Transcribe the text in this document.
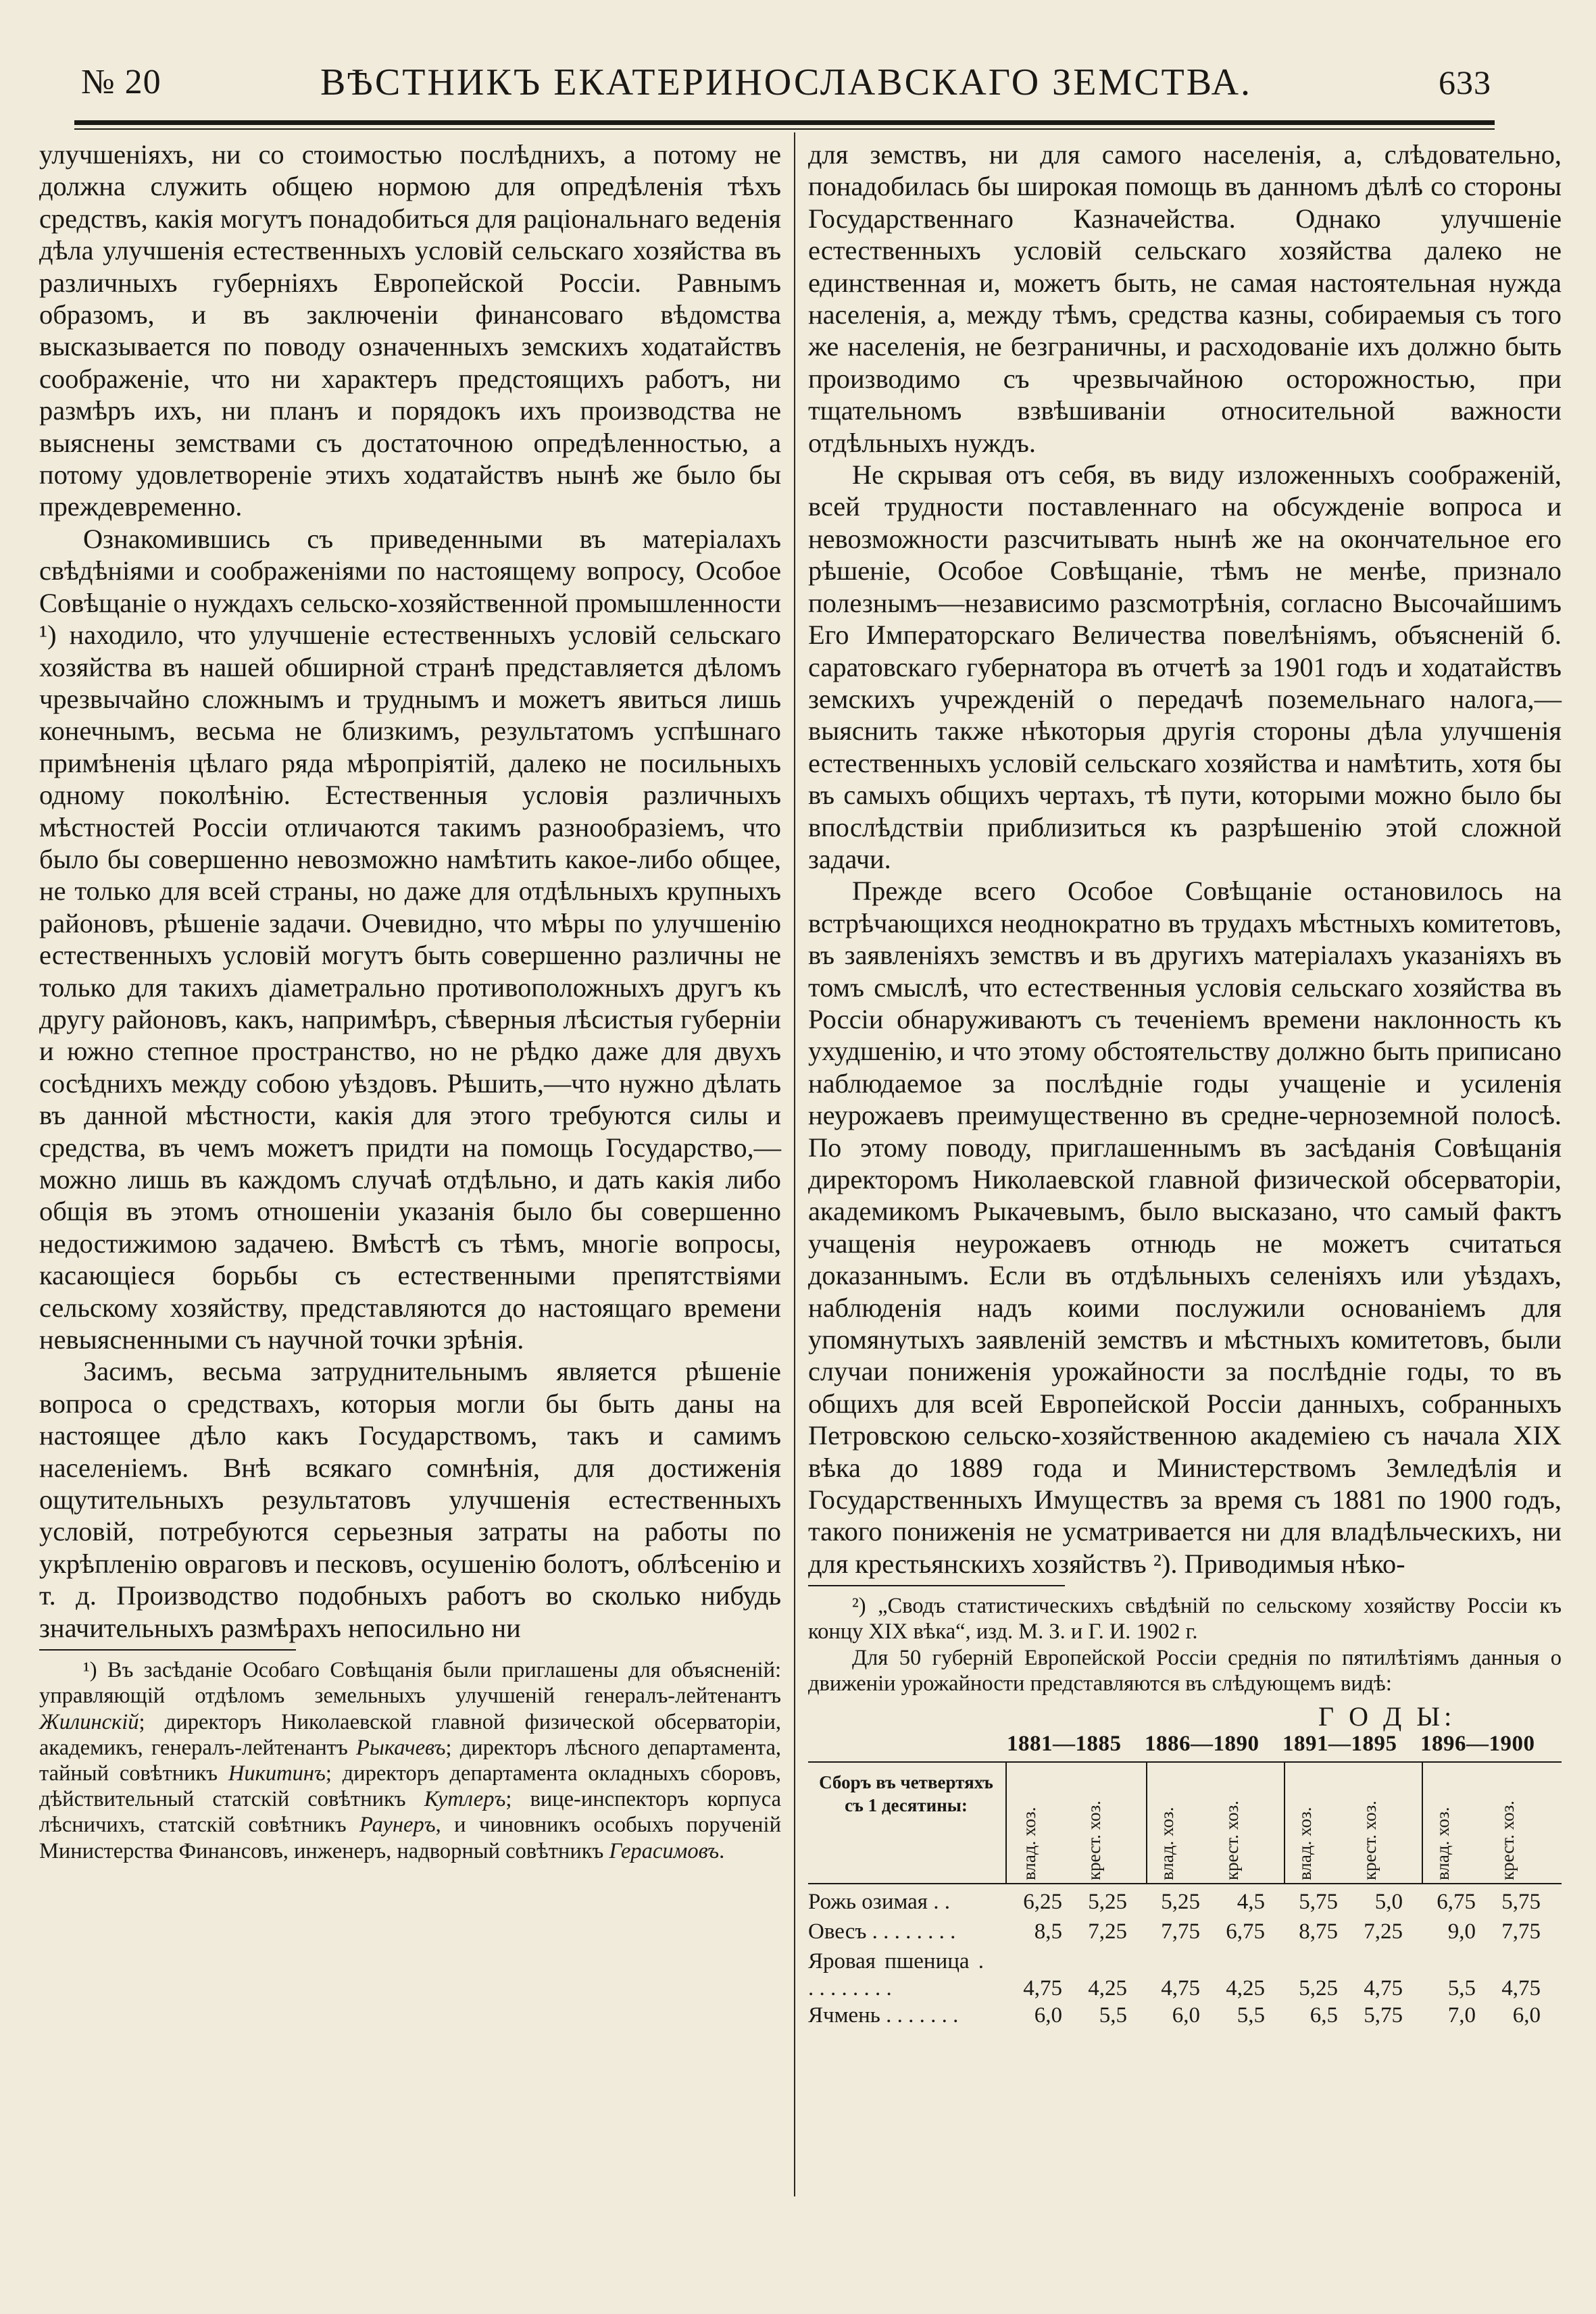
№ 20	ВѢСТНИКЪ ЕКАТЕРИНОСЛАВСКАГО ЗЕМСТВА.	633

улучшеніяхъ, ни со стоимостью послѣднихъ, а потому не должна служить общею нормою для опредѣленія тѣхъ средствъ, какія могутъ понадобиться для раціональнаго веденія дѣла улучшенія естественныхъ условій сельскаго хозяйства въ различныхъ губерніяхъ Европейской Россіи. Равнымъ образомъ, и въ заключеніи финансоваго вѣдомства высказывается по поводу означенныхъ земскихъ ходатайствъ соображеніе, что ни характеръ предстоящихъ работъ, ни размѣръ ихъ, ни планъ и порядокъ ихъ производства не выяснены земствами съ достаточною опредѣленностью, а потому удовлетвореніе этихъ ходатайствъ нынѣ же было бы преждевременно.

Ознакомившись съ приведенными въ матеріалахъ свѣдѣніями и соображеніями по настоящему вопросу, Особое Совѣщаніе о нуждахъ сельско-хозяйственной промышленности ¹) находило, что улучшеніе естественныхъ условій сельскаго хозяйства въ нашей обширной странѣ представляется дѣломъ чрезвычайно сложнымъ и труднымъ и можетъ явиться лишь конечнымъ, весьма не близкимъ, результатомъ успѣшнаго примѣненія цѣлаго ряда мѣропріятій, далеко не посильныхъ одному поколѣнію. Естественныя условія различныхъ мѣстностей Россіи отличаются такимъ разнообразіемъ, что было бы совершенно невозможно намѣтить какое-либо общее, не только для всей страны, но даже для отдѣльныхъ крупныхъ районовъ, рѣшеніе задачи. Очевидно, что мѣры по улучшенію естественныхъ условій могутъ быть совершенно различны не только для такихъ діаметрально противоположныхъ другъ къ другу районовъ, какъ, напримѣръ, сѣверныя лѣсистыя губерніи и южно степное пространство, но не рѣдко даже для двухъ сосѣднихъ между собою уѣздовъ. Рѣшить,—что нужно дѣлать въ данной мѣстности, какія для этого требуются силы и средства, въ чемъ можетъ придти на помощь Государство,—можно лишь въ каждомъ случаѣ отдѣльно, и дать какія либо общія въ этомъ отношеніи указанія было бы совершенно недостижимою задачею. Вмѣстѣ съ тѣмъ, многіе вопросы, касающіеся борьбы съ естественными препятствіями сельскому хозяйству, представляются до настоящаго времени невыясненными съ научной точки зрѣнія.

Засимъ, весьма затруднительнымъ является рѣшеніе вопроса о средствахъ, которыя могли бы быть даны на настоящее дѣло какъ Государствомъ, такъ и самимъ населеніемъ. Внѣ всякаго сомнѣнія, для достиженія ощутительныхъ результатовъ улучшенія естественныхъ условій, потребуются серьезныя затраты на работы по укрѣпленію овраговъ и песковъ, осушенію болотъ, облѣсенію и т. д. Производство подобныхъ работъ во сколько нибудь значительныхъ размѣрахъ непосильно ни

¹) Въ засѣданіе Особаго Совѣщанія были приглашены для объясненій: управляющій отдѣломъ земельныхъ улучшеній генералъ-лейтенантъ Жилинскій; директоръ Николаевской главной физической обсерваторіи, академикъ, генералъ-лейтенантъ Рыкачевъ; директоръ лѣсного департамента, тайный совѣтникъ Никитинъ; директоръ департамента окладныхъ сборовъ, дѣйствительный статскій совѣтникъ Кутлеръ; вице-инспекторъ корпуса лѣсничихъ, статскій совѣтникъ Раунеръ, и чиновникъ особыхъ порученій Министерства Финансовъ, инженеръ, надворный совѣтникъ Герасимовъ.

для земствъ, ни для самого населенія, а, слѣдовательно, понадобилась бы широкая помощь въ данномъ дѣлѣ со стороны Государственнаго Казначейства. Однако улучшеніе естественныхъ условій сельскаго хозяйства далеко не единственная и, можетъ быть, не самая настоятельная нужда населенія, а, между тѣмъ, средства казны, собираемыя съ того же населенія, не безграничны, и расходованіе ихъ должно быть производимо съ чрезвычайною осторожностью, при тщательномъ взвѣшиваніи относительной важности отдѣльныхъ нуждъ.

Не скрывая отъ себя, въ виду изложенныхъ соображеній, всей трудности поставленнаго на обсужденіе вопроса и невозможности разсчитывать нынѣ же на окончательное его рѣшеніе, Особое Совѣщаніе, тѣмъ не менѣе, признало полезнымъ—независимо разсмотрѣнія, согласно Высочайшимъ Его Императорскаго Величества повелѣніямъ, объясненій б. саратовскаго губернатора въ отчетѣ за 1901 годъ и ходатайствъ земскихъ учрежденій о передачѣ поземельнаго налога,—выяснить также нѣкоторыя другія стороны дѣла улучшенія естественныхъ условій сельскаго хозяйства и намѣтить, хотя бы въ самыхъ общихъ чертахъ, тѣ пути, которыми можно было бы впослѣдствіи приблизиться къ разрѣшенію этой сложной задачи.

Прежде всего Особое Совѣщаніе остановилось на встрѣчающихся неоднократно въ трудахъ мѣстныхъ комитетовъ, въ заявленіяхъ земствъ и въ другихъ матеріалахъ указаніяхъ въ томъ смыслѣ, что естественныя условія сельскаго хозяйства въ Россіи обнаруживаютъ съ теченіемъ времени наклонность къ ухудшенію, и что этому обстоятельству должно быть приписано наблюдаемое за послѣдніе годы учащеніе и усиленія неурожаевъ преимущественно въ средне-черноземной полосѣ. По этому поводу, приглашеннымъ въ засѣданія Совѣщанія директоромъ Николаевской главной физической обсерваторіи, академикомъ Рыкачевымъ, было высказано, что самый фактъ учащенія неурожаевъ отнюдь не можетъ считаться доказаннымъ. Если въ отдѣльныхъ селеніяхъ или уѣздахъ, наблюденія надъ коими послужили основаніемъ для упомянутыхъ заявленій земствъ и мѣстныхъ комитетовъ, были случаи пониженія урожайности за послѣдніе годы, то въ общихъ для всей Европейской Россіи данныхъ, собранныхъ Петровскою сельско-хозяйственною академіею съ начала XIX вѣка до 1889 года и Министерствомъ Земледѣлія и Государственныхъ Имуществъ за время съ 1881 по 1900 годъ, такого пониженія не усматривается ни для владѣльческихъ, ни для крестьянскихъ хозяйствъ ²). Приводимыя нѣко-

²) „Сводъ статистическихъ свѣдѣній по сельскому хозяйству Россіи къ концу XIX вѣка“, изд. М. З. и Г. И. 1902 г.

Для 50 губерній Европейской Россіи среднія по пятилѣтіямъ данныя о движеніи урожайности представляются въ слѣдующемъ видѣ:

Г О Д Ы:
1881—1885
влад. хоз.	крест. хоз.
1886—1890
влад. хоз.	крест. хоз.
1891—1895
влад. хоз.	крест. хоз.
1896—1900
влад. хоз.	крест. хоз.
Сборъ въ четвертяхъ съ 1 десятины:
Рожь озимая . .	6,25 5,25 5,25	4,5 5,75	5,0 6,75 5,75
Овесъ . . . . . . . .	8,5 7,25 7,75 6,75 8,75 7,25	9,0 7,75
Яровая пшеница . . . . . . . . .	4,75 4,25 4,75 4,25 5,25 4,75	5,5 4,75
Ячмень . . . . . . .	6,0	5,5	6,0	5,5	6,5 5,75	7,0	6,0
